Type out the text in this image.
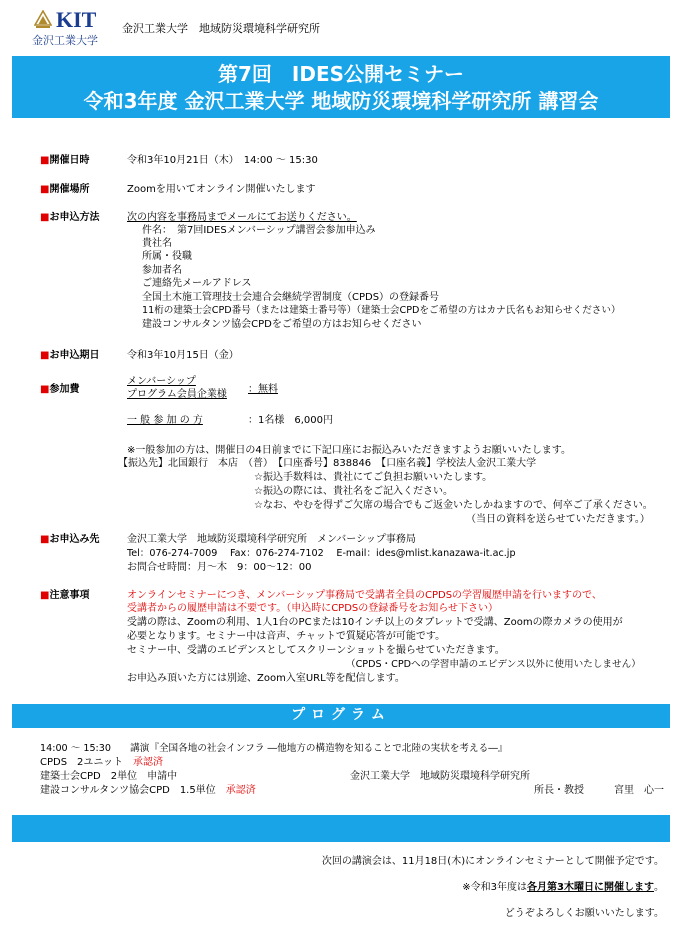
KIT
金沢工業大学
金沢工業大学　地域防災環境科学研究所
第7回　IDES公開セミナー
令和3年度 金沢工業大学 地域防災環境科学研究所 講習会
■開催日時	令和3年10月21日（木）　14:00 ～ 15:30
■開催場所	Zoomを用いてオンライン開催いたします
■お申込方法	次の内容を事務局までメールにてお送りください。
件名：　第7回IDESメンバーシップ講習会参加申込み
貴社名
所属・役職
参加者名
ご連絡先メールアドレス
全国土木施工管理技士会連合会継続学習制度（CPDS）の登録番号
11桁の建築士会CPD番号（または建築士番号等）（建築士会CPDをご希望の方はカナ氏名もお知らせください）
建設コンサルタンツ協会CPDをご希望の方はお知らせください
■お申込期日	令和3年10月15日（金）
■参加費
メンバーシップ
プログラム会員企業様 ：無料
一 般 参 加 の 方	：1名様　6,000円
※一般参加の方は、開催日の4日前までに下記口座にお振込みいただきますようお願いいたします。
【振込先】北国銀行　本店　（普）　【口座番号】838846　【口座名義】学校法人金沢工業大学
☆振込手数料は、貴社にてご負担お願いいたします。
☆振込の際には、貴社名をご記入ください。
☆なお、やむを得ずご欠席の場合でもご返金いたしかねますので、何卒ご了承ください。
（当日の資料を送らせていただきます。）
■お申込み先	金沢工業大学　地域防災環境科学研究所　メンバーシップ事務局
Tel：076-274-7009　 Fax：076-274-7102　 E-mail：ides@mlist.kanazawa-it.ac.jp
お問合せ時間：月～木　9：00～12：00
■注意事項	オンラインセミナーにつき、メンバーシップ事務局で受講者全員のCPDSの学習履歴申請を行いますので、
受講者からの履歴申請は不要です。（申込時にCPDSの登録番号をお知らせ下さい）
受講の際は、Zoomの利用、1人1台のPCまたは10インチ以上のタブレットで受講、Zoomの際カメラの使用が
必要となります。セミナー中は音声、チャットで質疑応答が可能です。
セミナー中、受講のエビデンスとしてスクリーンショットを撮らせていただきます。
（CPDS・CPDへの学習申請のエビデンス以外に使用いたしません）
お申込み頂いた方には別途、Zoom入室URL等を配信します。
プログラム
14:00 ～ 15:30　　講演『全国各地の社会インフラ ―他地方の構造物を知ることで北陸の実状を考える―』
CPDS　2ユニット　 承認済
建築士会CPD　2単位　申請中	金沢工業大学　地域防災環境科学研究所
建設コンサルタンツ協会CPD　1.5単位　 承認済	所長・教授　　　宮里　心一
次回の講演会は、11月18日(木)にオンラインセミナーとして開催予定です。
※令和3年度は各月第3木曜日に開催します。
どうぞよろしくお願いいたします。
